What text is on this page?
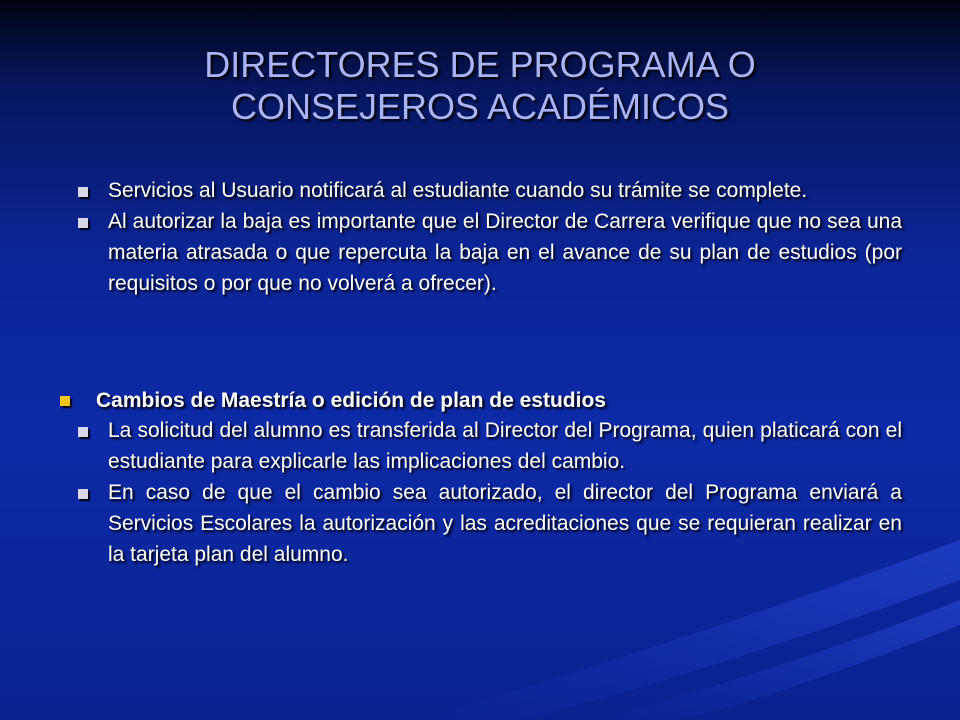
DIRECTORES DE PROGRAMA O
CONSEJEROS ACADÉMICOS
Servicios al Usuario notificará al estudiante cuando su trámite se complete.
Al autorizar la baja es importante que el Director de Carrera verifique que no sea una materia atrasada o que repercuta la baja en el avance de su plan de estudios (por requisitos o por que no volverá a ofrecer).
Cambios de Maestría o edición de plan de estudios
La solicitud del alumno es transferida al Director del Programa, quien platicará con el estudiante para explicarle las implicaciones del cambio.
En caso de que el cambio sea autorizado, el director del Programa enviará a Servicios Escolares la autorización y las acreditaciones que se requieran realizar en la tarjeta plan del alumno.
